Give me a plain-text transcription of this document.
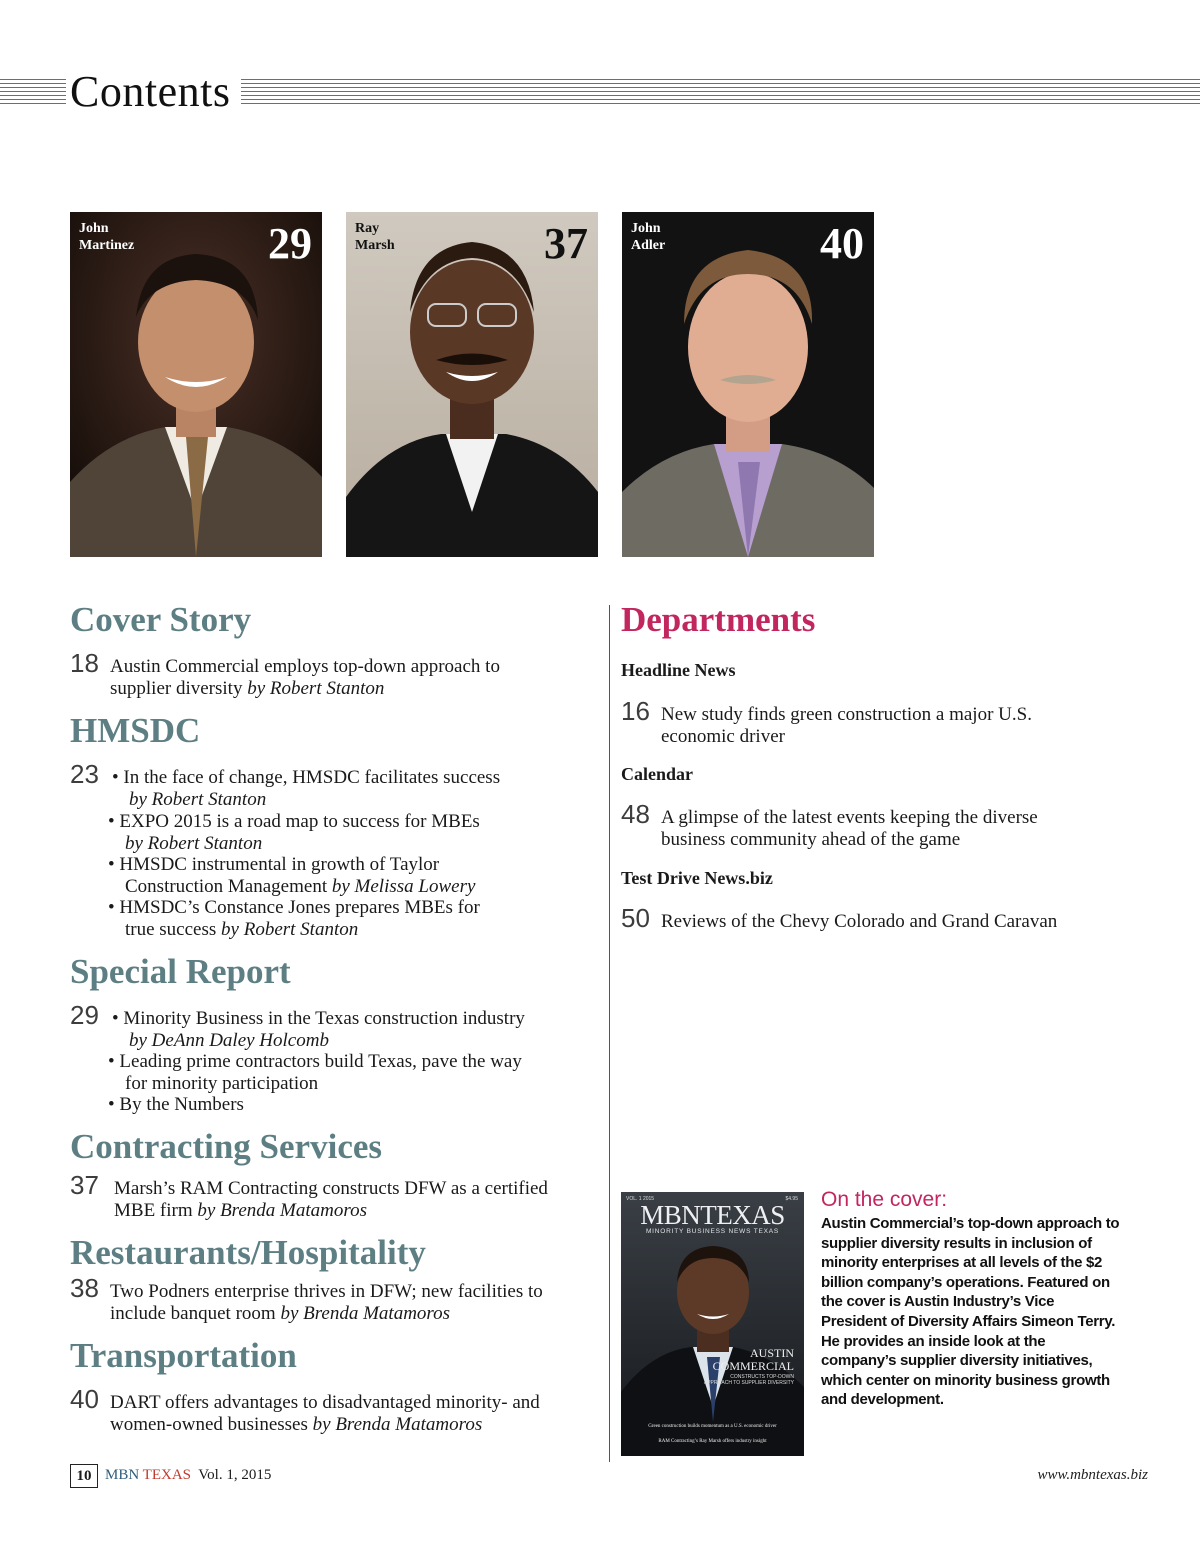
Contents
John
Martinez	29	Ray
Marsh	37	John
Adler	40
Cover Story
18 Austin Commercial employs top-down approach to
supplier diversity by Robert Stanton
HMSDC
23 • In the face of change, HMSDC facilitates success
by Robert Stanton
• EXPO 2015 is a road map to success for MBEs
by Robert Stanton
• HMSDC instrumental in growth of Taylor
Construction Management by Melissa Lowery
• HMSDC’s Constance Jones prepares MBEs for
true success by Robert Stanton
Special Report
29 • Minority Business in the Texas construction industry
by DeAnn Daley Holcomb
• Leading prime contractors build Texas, pave the way
for minority participation
• By the Numbers
Contracting Services
37 Marsh’s RAM Contracting constructs DFW as a certified
MBE firm by Brenda Matamoros
Restaurants/Hospitality
38 Two Podners enterprise thrives in DFW; new facilities to
include banquet room by Brenda Matamoros
Transportation
40 DART offers advantages to disadvantaged minority- and
women-owned businesses by Brenda Matamoros
Departments
Headline News
16 New study finds green construction a major U.S.
economic driver
Calendar
48 A glimpse of the latest events keeping the diverse
business community ahead of the game
Test Drive News.biz
50 Reviews of the Chevy Colorado and Grand Caravan
VOL. 1 2015	$4.95
MBNTEXAS
MINORITY BUSINESS NEWS TEXAS
AUSTIN
COMMERCIAL
CONSTRUCTS TOP-DOWN
APPROACH TO SUPPLIER DIVERSITY
Green construction builds momentum as a U.S. economic driver
RAM Contracting’s Ray Marsh offers industry insight
On the cover:
Austin Commercial’s top-down approach to supplier diversity results in inclusion of minority enterprises at all levels of the $2 billion company’s operations. Featured on the cover is Austin Industry’s Vice President of Diversity Affairs Simeon Terry. He provides an inside look at the company’s supplier diversity initiatives, which center on minority business growth and development.
10 MBN TEXAS Vol. 1, 2015	www.mbntexas.biz
